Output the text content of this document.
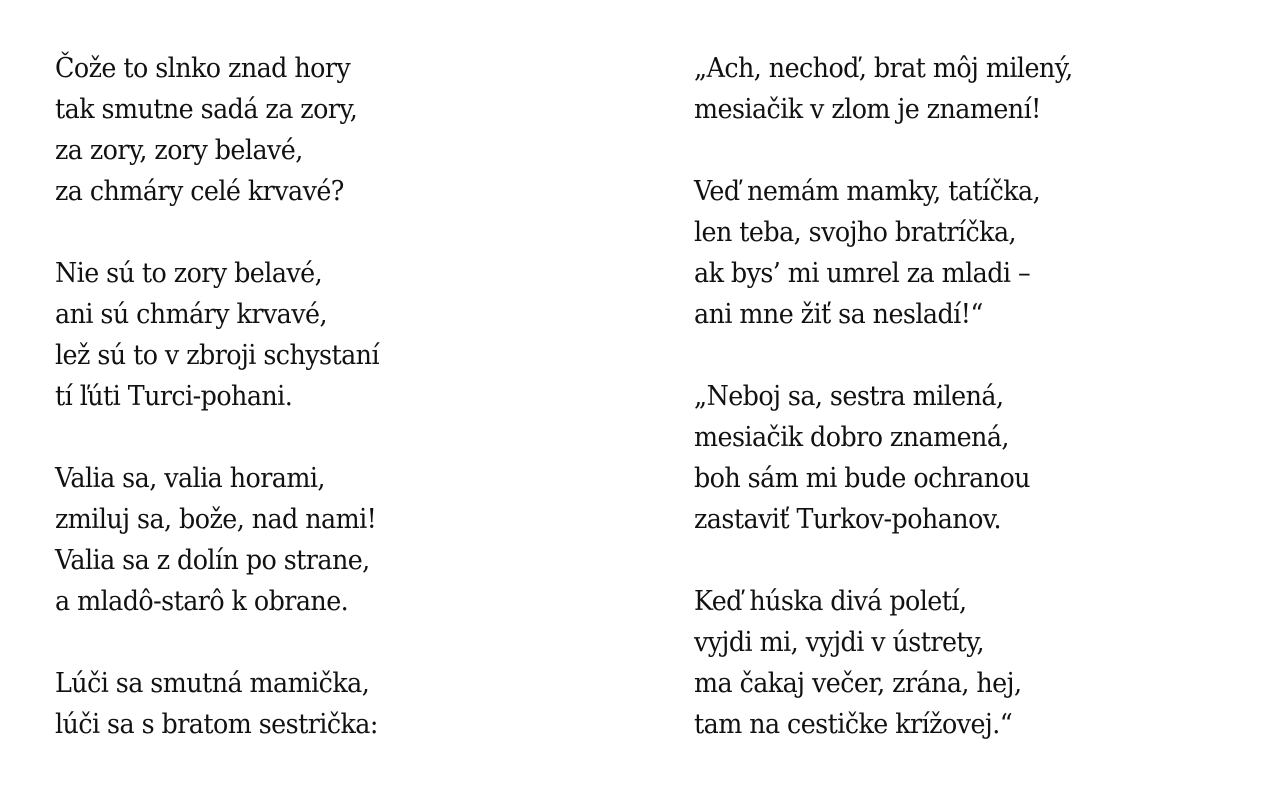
Čože to slnko znad hory
tak smutne sadá za zory,
za zory, zory belavé,
za chmáry celé krvavé?
Nie sú to zory belavé,
ani sú chmáry krvavé,
lež sú to v zbroji schystaní
tí ľúti Turci-pohani.
Valia sa, valia horami,
zmiluj sa, bože, nad nami!
Valia sa z dolín po strane,
a mladô-starô k obrane.
Lúči sa smutná mamička,
lúči sa s bratom sestrička:
„Ach, nechoď, brat môj milený,
mesiačik v zlom je znamení!
Veď nemám mamky, tatíčka,
len teba, svojho bratríčka,
ak bys’ mi umrel za mladi –
ani mne žiť sa nesladí!“
„Neboj sa, sestra milená,
mesiačik dobro znamená,
boh sám mi bude ochranou
zastaviť Turkov-pohanov.
Keď húska divá poletí,
vyjdi mi, vyjdi v ústrety,
ma čakaj večer, zrána, hej,
tam na cestičke krížovej.“
